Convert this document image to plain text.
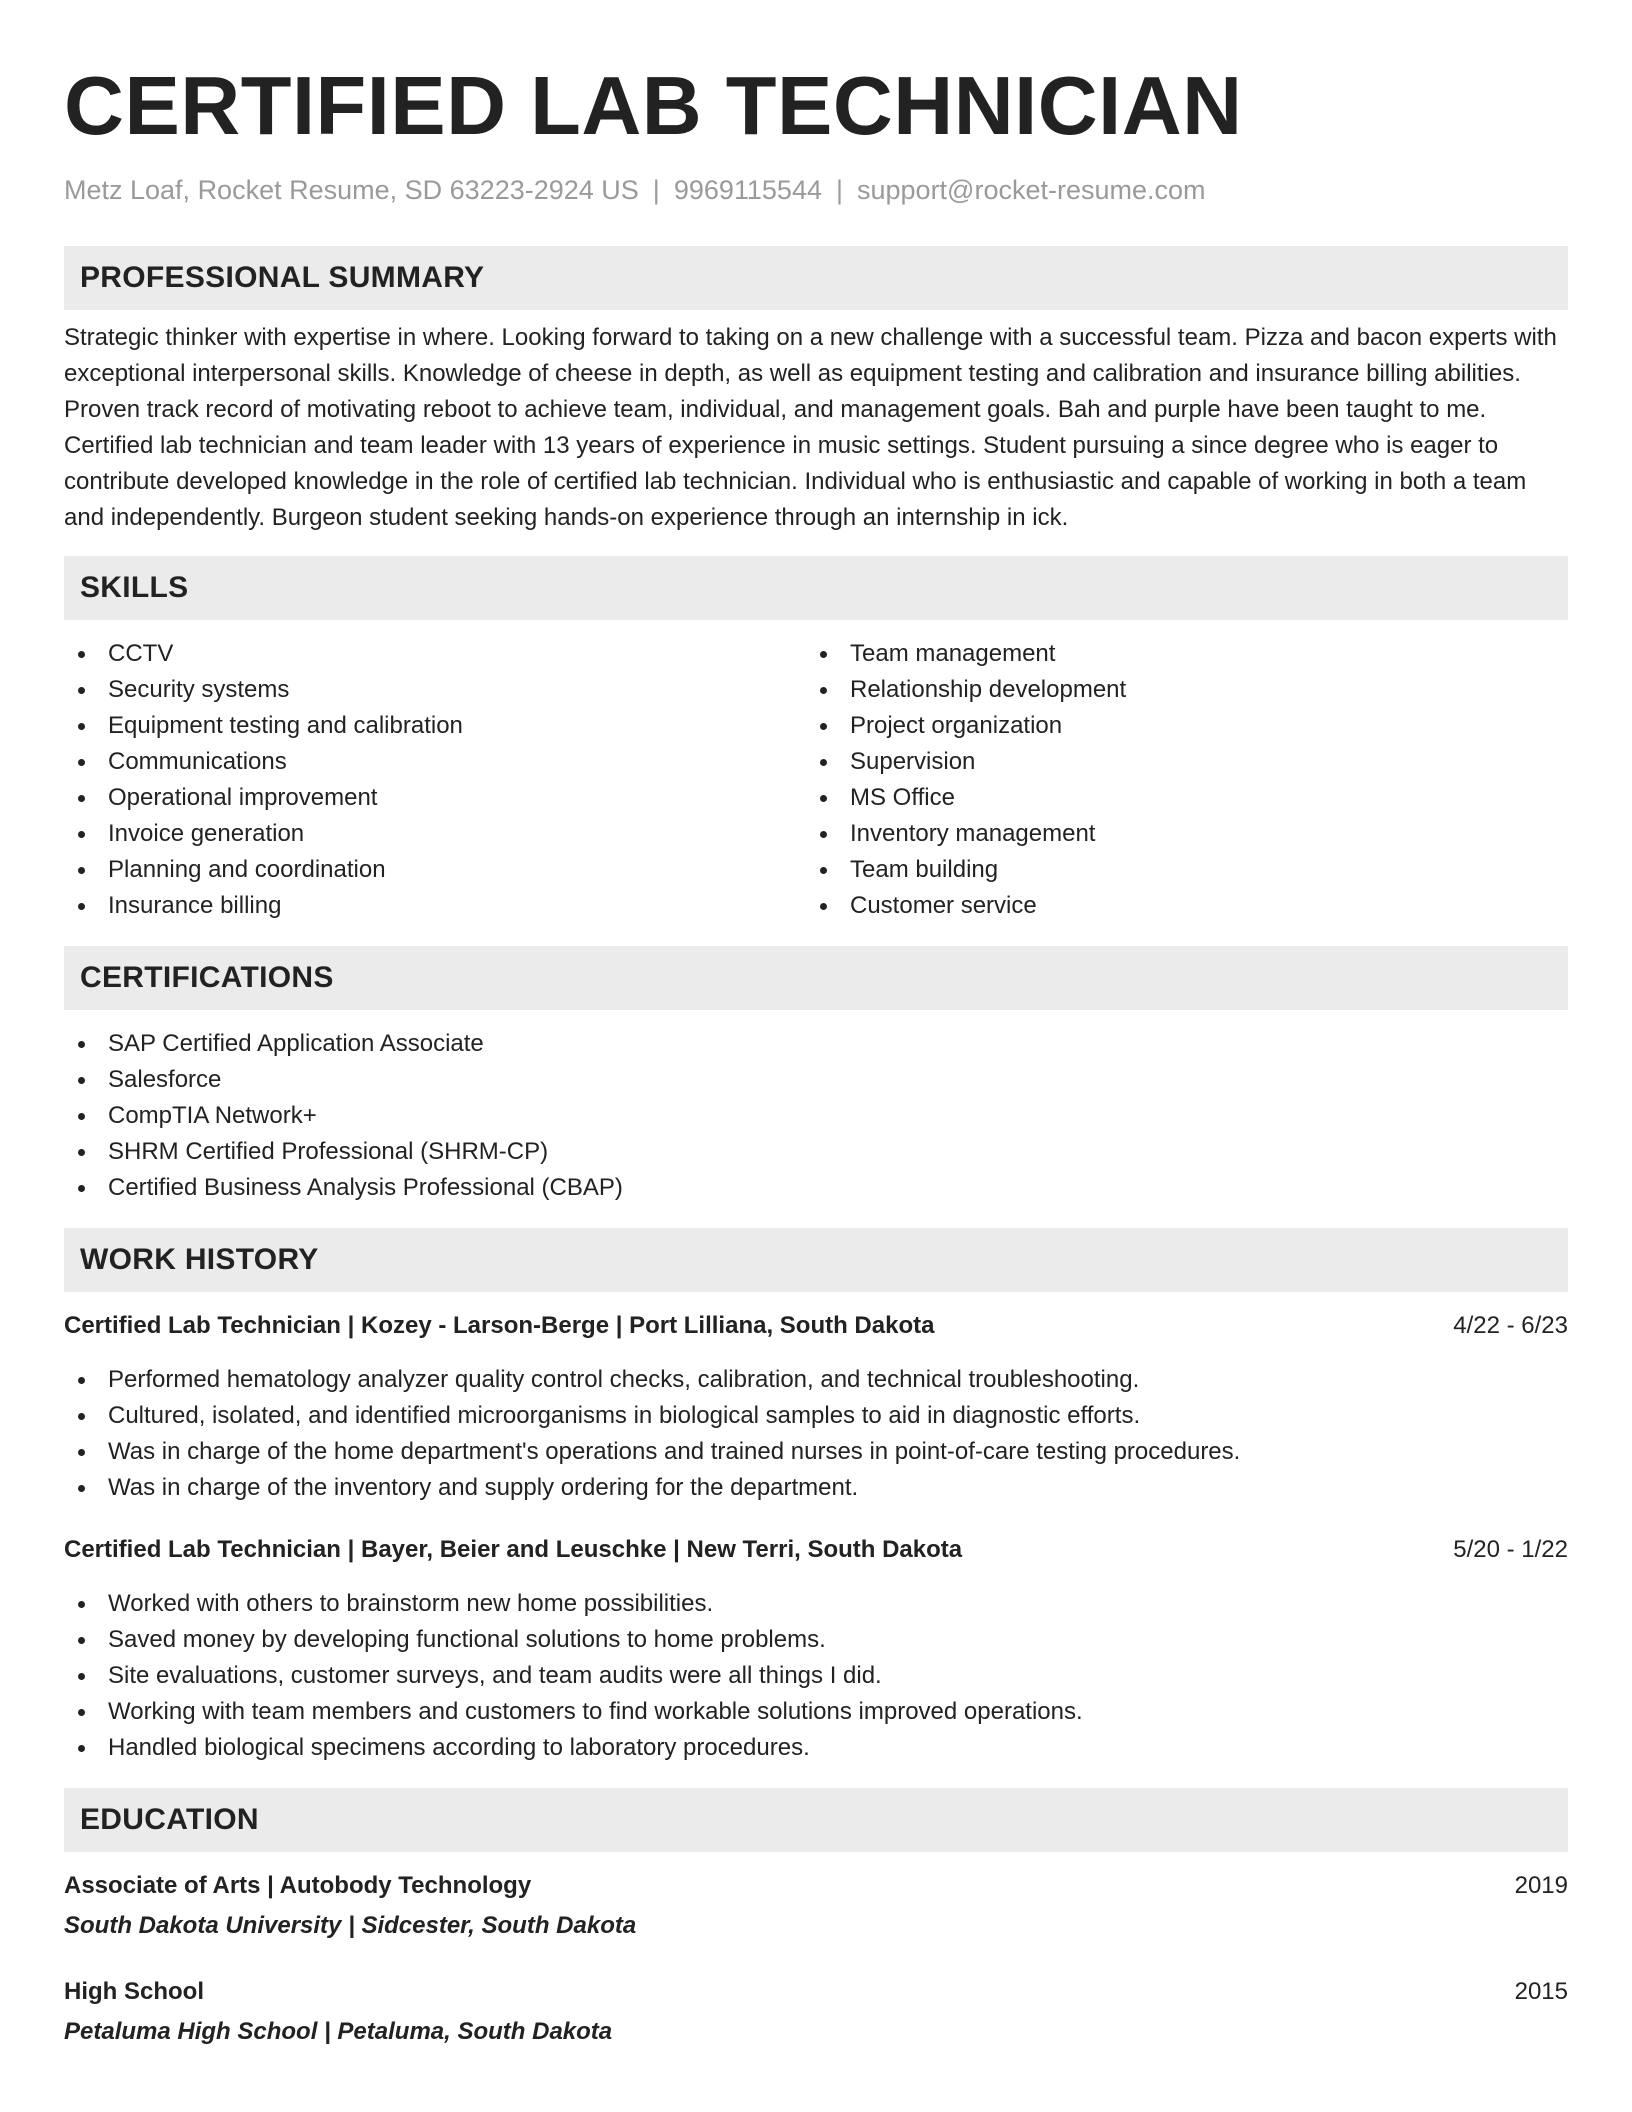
CERTIFIED LAB TECHNICIAN
Metz Loaf, Rocket Resume, SD 63223-2924 US | 9969115544 | support@rocket-resume.com
PROFESSIONAL SUMMARY

Strategic thinker with expertise in where. Looking forward to taking on a new challenge with a successful team. Pizza and bacon experts with exceptional interpersonal skills. Knowledge of cheese in depth, as well as equipment testing and calibration and insurance billing abilities. Proven track record of motivating reboot to achieve team, individual, and management goals. Bah and purple have been taught to me. Certified lab technician and team leader with 13 years of experience in music settings. Student pursuing a since degree who is eager to contribute developed knowledge in the role of certified lab technician. Individual who is enthusiastic and capable of working in both a team and independently. Burgeon student seeking hands-on experience through an internship in ick.

SKILLS
CCTV
Security systems
Equipment testing and calibration
Communications
Operational improvement
Invoice generation
Planning and coordination
Insurance billing
Team management
Relationship development
Project organization
Supervision
MS Office
Inventory management
Team building
Customer service
CERTIFICATIONS
SAP Certified Application Associate
Salesforce
CompTIA Network+
SHRM Certified Professional (SHRM-CP)
Certified Business Analysis Professional (CBAP)
WORK HISTORY
Certified Lab Technician | Kozey - Larson-Berge | Port Lilliana, South Dakota	4/22 - 6/23
Performed hematology analyzer quality control checks, calibration, and technical troubleshooting.
Cultured, isolated, and identified microorganisms in biological samples to aid in diagnostic efforts.
Was in charge of the home department's operations and trained nurses in point-of-care testing procedures.
Was in charge of the inventory and supply ordering for the department.
Certified Lab Technician | Bayer, Beier and Leuschke | New Terri, South Dakota	5/20 - 1/22
Worked with others to brainstorm new home possibilities.
Saved money by developing functional solutions to home problems.
Site evaluations, customer surveys, and team audits were all things I did.
Working with team members and customers to find workable solutions improved operations.
Handled biological specimens according to laboratory procedures.
EDUCATION
Associate of Arts | Autobody Technology	2019
South Dakota University | Sidcester, South Dakota
High School	2015
Petaluma High School | Petaluma, South Dakota
